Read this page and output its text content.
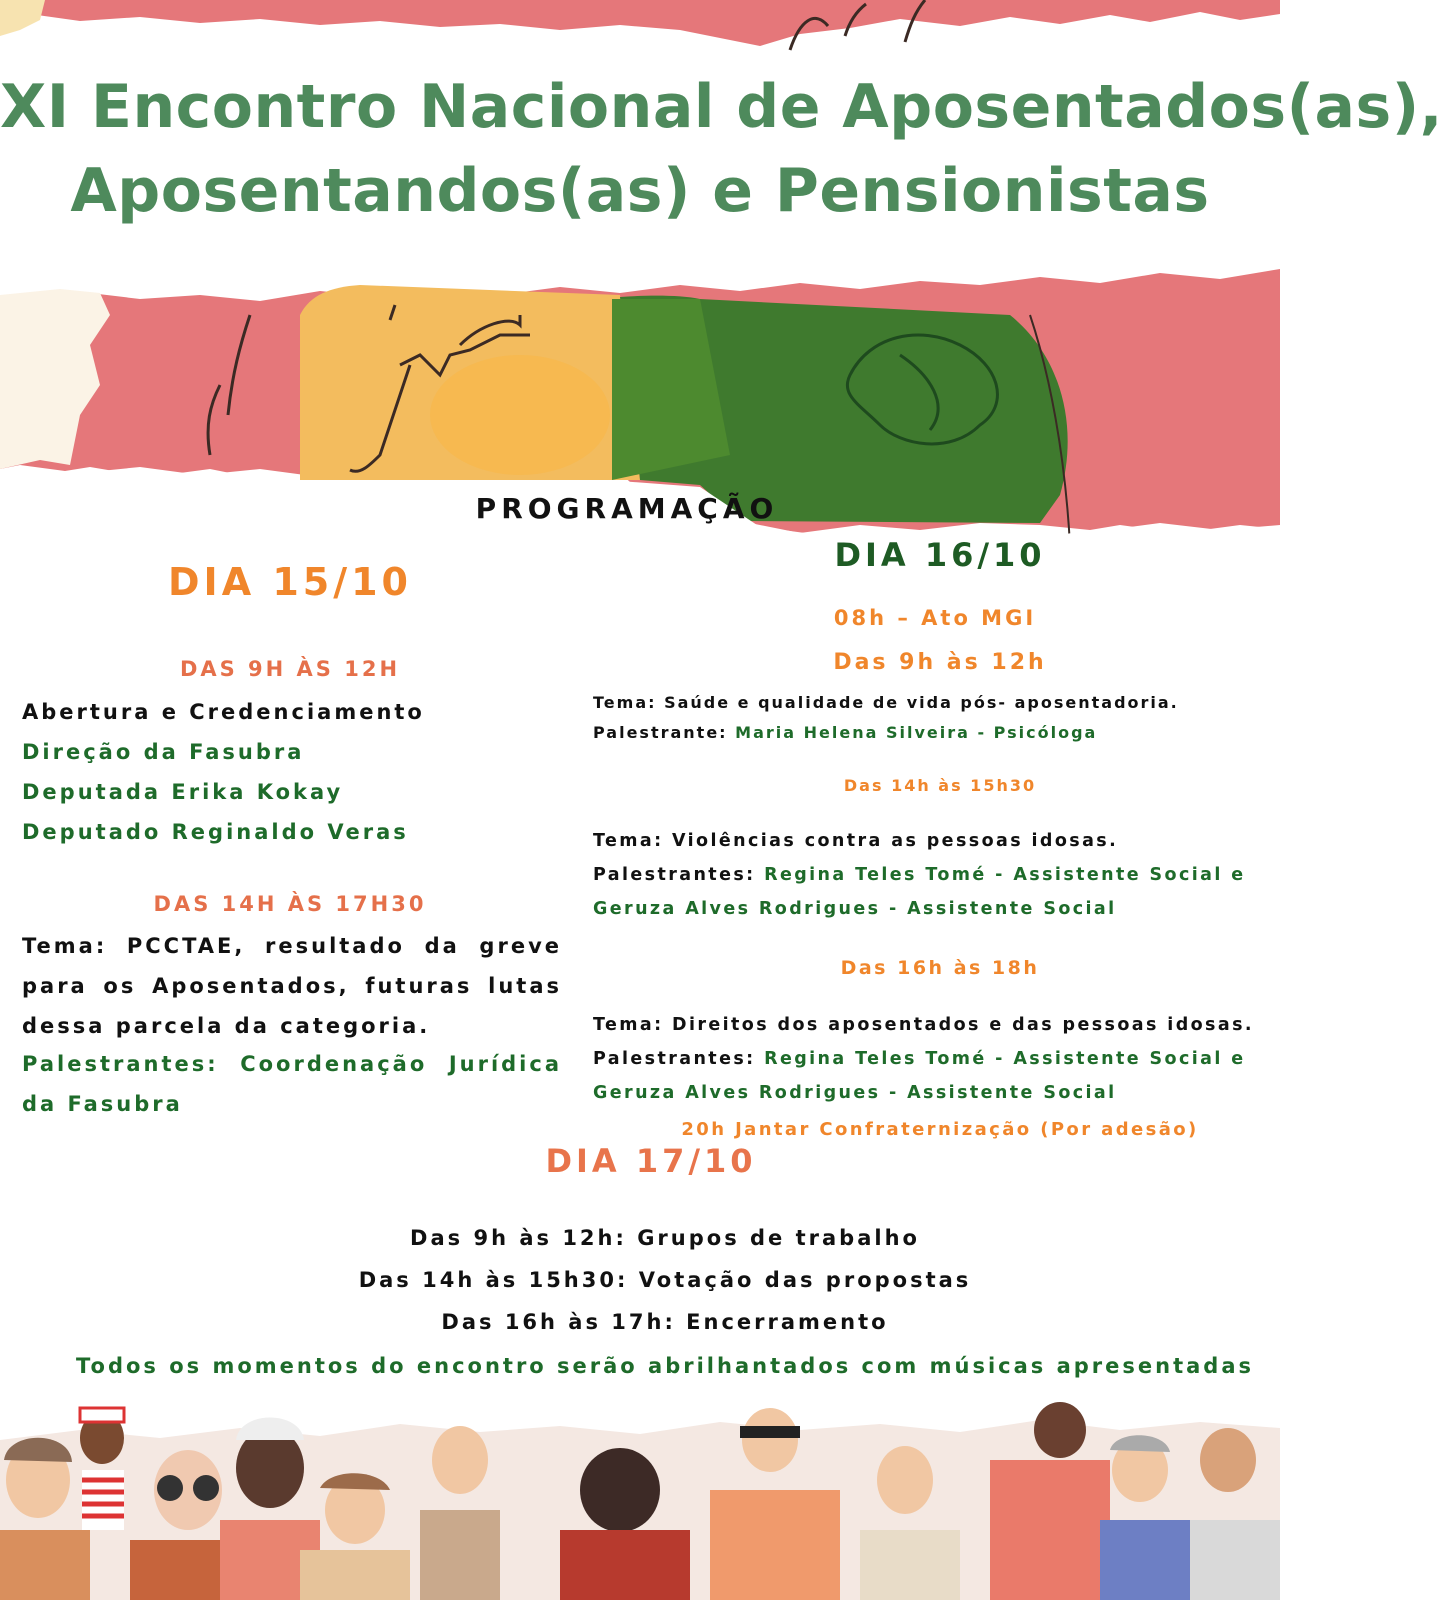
XI Encontro Nacional de Aposentados(as),
Aposentandos(as) e Pensionistas
PROGRAMAÇÃO
DIA 15/10
DAS 9H ÀS 12H
Abertura e Credenciamento
Direção da Fasubra
Deputada Erika Kokay
Deputado Reginaldo Veras
DAS 14H ÀS 17H30
Tema: PCCTAE, resultado da greve para os Aposentados, futuras lutas dessa parcela da categoria.
Palestrantes: Coordenação Jurídica da Fasubra
DIA 16/10
08h – Ato MGI
Das 9h às 12h
Tema: Saúde e qualidade de vida pós- aposentadoria.
Palestrante: Maria Helena Silveira - Psicóloga
Das 14h às 15h30
Tema: Violências contra as pessoas idosas.
Palestrantes: Regina Teles Tomé - Assistente Social e
Geruza Alves Rodrigues - Assistente Social
Das 16h às 18h
Tema: Direitos dos aposentados e das pessoas idosas.
Palestrantes: Regina Teles Tomé - Assistente Social e
Geruza Alves Rodrigues - Assistente Social
20h Jantar Confraternização (Por adesão)
DIA 17/10
Das 9h às 12h: Grupos de trabalho
Das 14h às 15h30: Votação das propostas
Das 16h às 17h: Encerramento
Todos os momentos do encontro serão abrilhantados com músicas apresentadas
